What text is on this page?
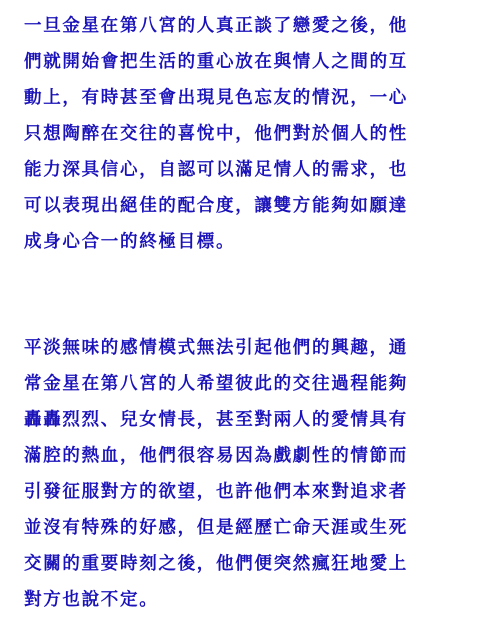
一旦金星在第八宮的人真正談了戀愛之後，他
們就開始會把生活的重心放在與情人之間的互
動上，有時甚至會出現見色忘友的情況，一心
只想陶醉在交往的喜悅中，他們對於個人的性
能力深具信心，自認可以滿足情人的需求，也
可以表現出絕佳的配合度，讓雙方能夠如願達
成身心合一的終極目標。
平淡無味的感情模式無法引起他們的興趣，通
常金星在第八宮的人希望彼此的交往過程能夠
轟轟烈烈、兒女情長，甚至對兩人的愛情具有
滿腔的熱血，他們很容易因為戲劇性的情節而
引發征服對方的欲望，也許他們本來對追求者
並沒有特殊的好感，但是經歷亡命天涯或生死
交關的重要時刻之後，他們便突然瘋狂地愛上
對方也說不定。
